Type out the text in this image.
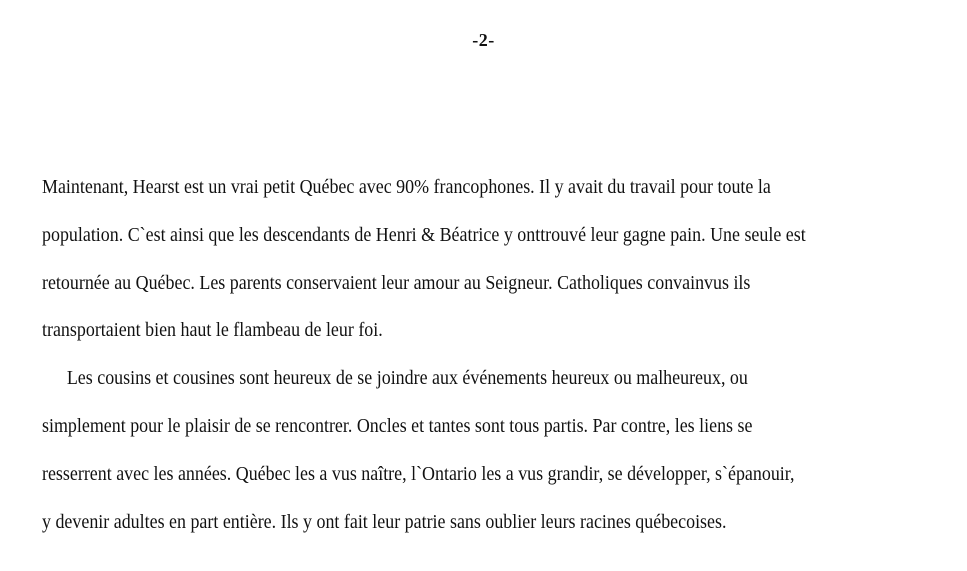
-2-
Maintenant, Hearst est un vrai petit Québec avec 90% francophones. Il y avait du travail pour toute la
population. C`est ainsi que les descendants de Henri & Béatrice y onttrouvé leur gagne pain. Une seule est
retournée au Québec. Les parents conservaient leur amour au Seigneur. Catholiques convainvus ils
transportaient bien haut le flambeau de leur foi.
Les cousins et cousines sont heureux de se joindre aux événements heureux ou malheureux, ou
simplement pour le plaisir de se rencontrer. Oncles et tantes sont tous partis. Par contre, les liens se
resserrent avec les années. Québec les a vus naître, l`Ontario les a vus grandir, se développer, s`épanouir,
y devenir adultes en part entière. Ils y ont fait leur patrie sans oublier leurs racines québecoises.
